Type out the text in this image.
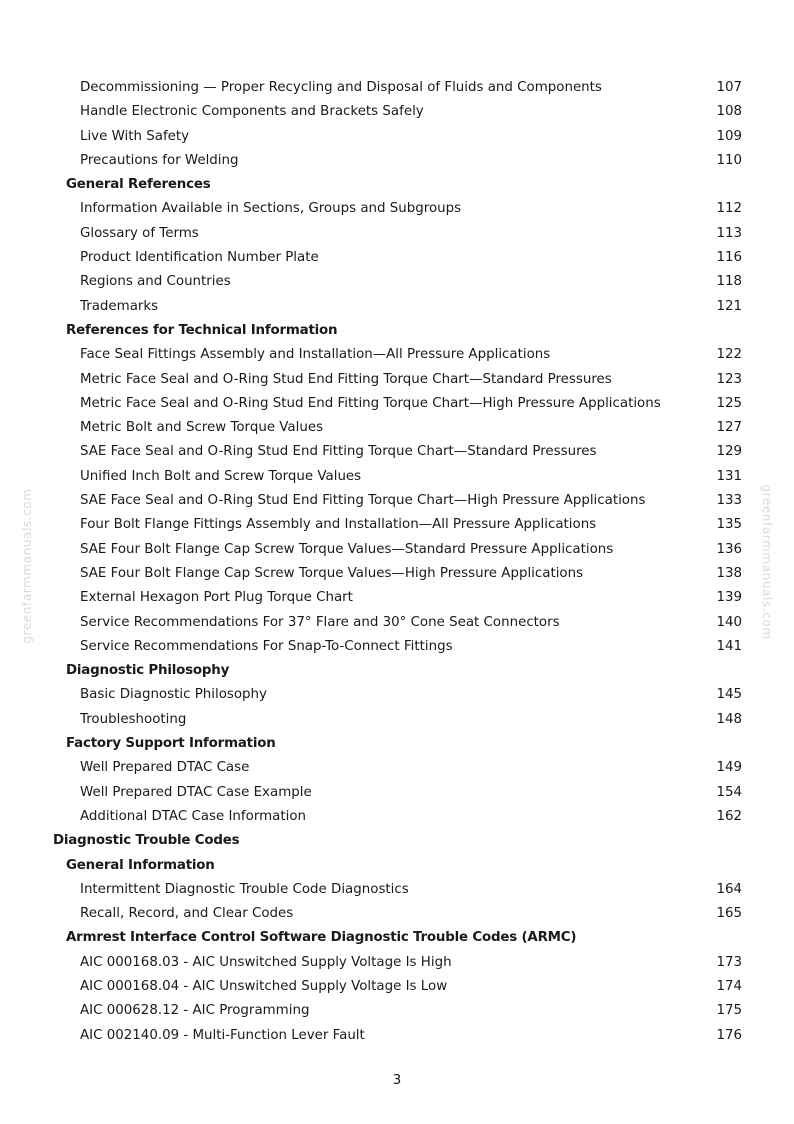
Decommissioning — Proper Recycling and Disposal of Fluids and Components	107
Handle Electronic Components and Brackets Safely	108
Live With Safety	109
Precautions for Welding	110
General References
Information Available in Sections, Groups and Subgroups	112
Glossary of Terms	113
Product Identification Number Plate	116
Regions and Countries	118
Trademarks	121
References for Technical Information
Face Seal Fittings Assembly and Installation—All Pressure Applications	122
Metric Face Seal and O-Ring Stud End Fitting Torque Chart—Standard Pressures	123
Metric Face Seal and O-Ring Stud End Fitting Torque Chart—High Pressure Applications	125
Metric Bolt and Screw Torque Values	127
SAE Face Seal and O-Ring Stud End Fitting Torque Chart—Standard Pressures	129
Unified Inch Bolt and Screw Torque Values	131
SAE Face Seal and O-Ring Stud End Fitting Torque Chart—High Pressure Applications	133
Four Bolt Flange Fittings Assembly and Installation—All Pressure Applications	135
SAE Four Bolt Flange Cap Screw Torque Values—Standard Pressure Applications	136
SAE Four Bolt Flange Cap Screw Torque Values—High Pressure Applications	138
External Hexagon Port Plug Torque Chart	139
Service Recommendations For 37° Flare and 30° Cone Seat Connectors	140
Service Recommendations For Snap-To-Connect Fittings	141
Diagnostic Philosophy
Basic Diagnostic Philosophy	145
Troubleshooting	148
Factory Support Information
Well Prepared DTAC Case	149
Well Prepared DTAC Case Example	154
Additional DTAC Case Information	162
Diagnostic Trouble Codes
General Information
Intermittent Diagnostic Trouble Code Diagnostics	164
Recall, Record, and Clear Codes	165
Armrest Interface Control Software Diagnostic Trouble Codes (ARMC)
AIC 000168.03 - AIC Unswitched Supply Voltage Is High	173
AIC 000168.04 - AIC Unswitched Supply Voltage Is Low	174
AIC 000628.12 - AIC Programming	175
AIC 002140.09 - Multi-Function Lever Fault	176
3
greenfarmmanuals.com	greenfarmmanuals.com
